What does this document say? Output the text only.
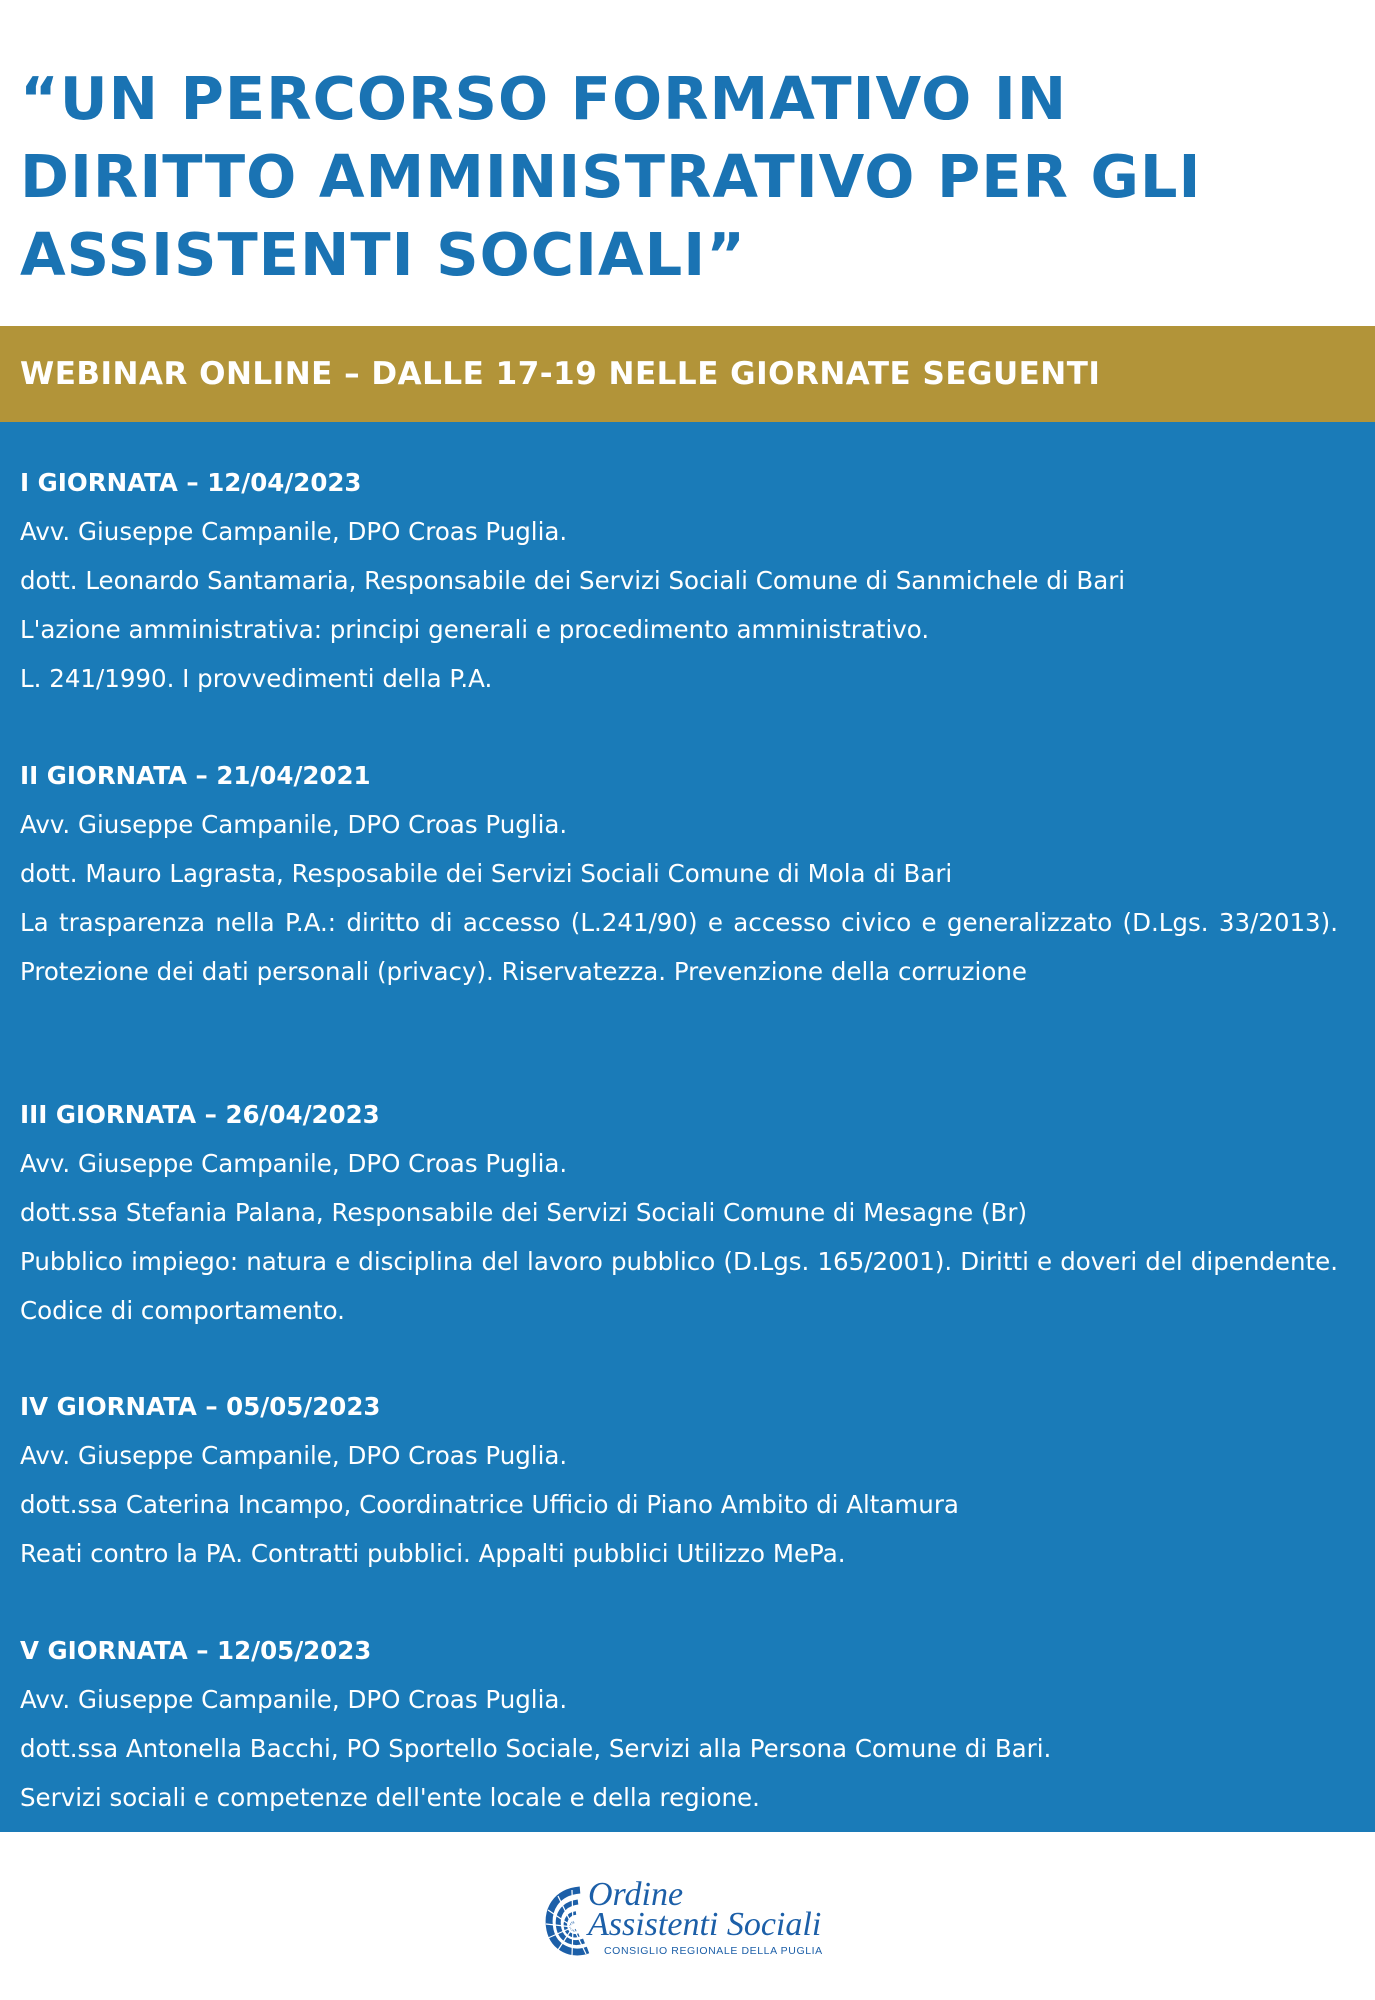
“UN PERCORSO FORMATIVO IN
DIRITTO AMMINISTRATIVO PER GLI
ASSISTENTI SOCIALI”
WEBINAR ONLINE – DALLE 17-19 NELLE GIORNATE SEGUENTI
I GIORNATA – 12/04/2023
Avv. Giuseppe Campanile, DPO Croas Puglia.
dott. Leonardo Santamaria, Responsabile dei Servizi Sociali Comune di Sanmichele di Bari
L'azione amministrativa: principi generali e procedimento amministrativo.
L. 241/1990. I provvedimenti della P.A.
II GIORNATA – 21/04/2021
Avv. Giuseppe Campanile, DPO Croas Puglia.
dott. Mauro Lagrasta, Resposabile dei Servizi Sociali Comune di Mola di Bari
La trasparenza nella P.A.: diritto di accesso (L.241/90) e accesso civico e generalizzato (D.Lgs. 33/2013). Protezione dei dati personali (privacy). Riservatezza. Prevenzione della corruzione
III GIORNATA – 26/04/2023
Avv. Giuseppe Campanile, DPO Croas Puglia.
dott.ssa Stefania Palana, Responsabile dei Servizi Sociali Comune di Mesagne (Br)
Pubblico impiego: natura e disciplina del lavoro pubblico (D.Lgs. 165/2001). Diritti e doveri del dipendente. Codice di comportamento.
IV GIORNATA – 05/05/2023
Avv. Giuseppe Campanile, DPO Croas Puglia.
dott.ssa Caterina Incampo, Coordinatrice Ufficio di Piano Ambito di Altamura
Reati contro la PA. Contratti pubblici. Appalti pubblici Utilizzo MePa.
V GIORNATA – 12/05/2023
Avv. Giuseppe Campanile, DPO Croas Puglia.
dott.ssa Antonella Bacchi, PO Sportello Sociale, Servizi alla Persona Comune di Bari.
Servizi sociali e competenze dell'ente locale e della regione.
Ordine
Assistenti Sociali
CONSIGLIO REGIONALE DELLA PUGLIA
